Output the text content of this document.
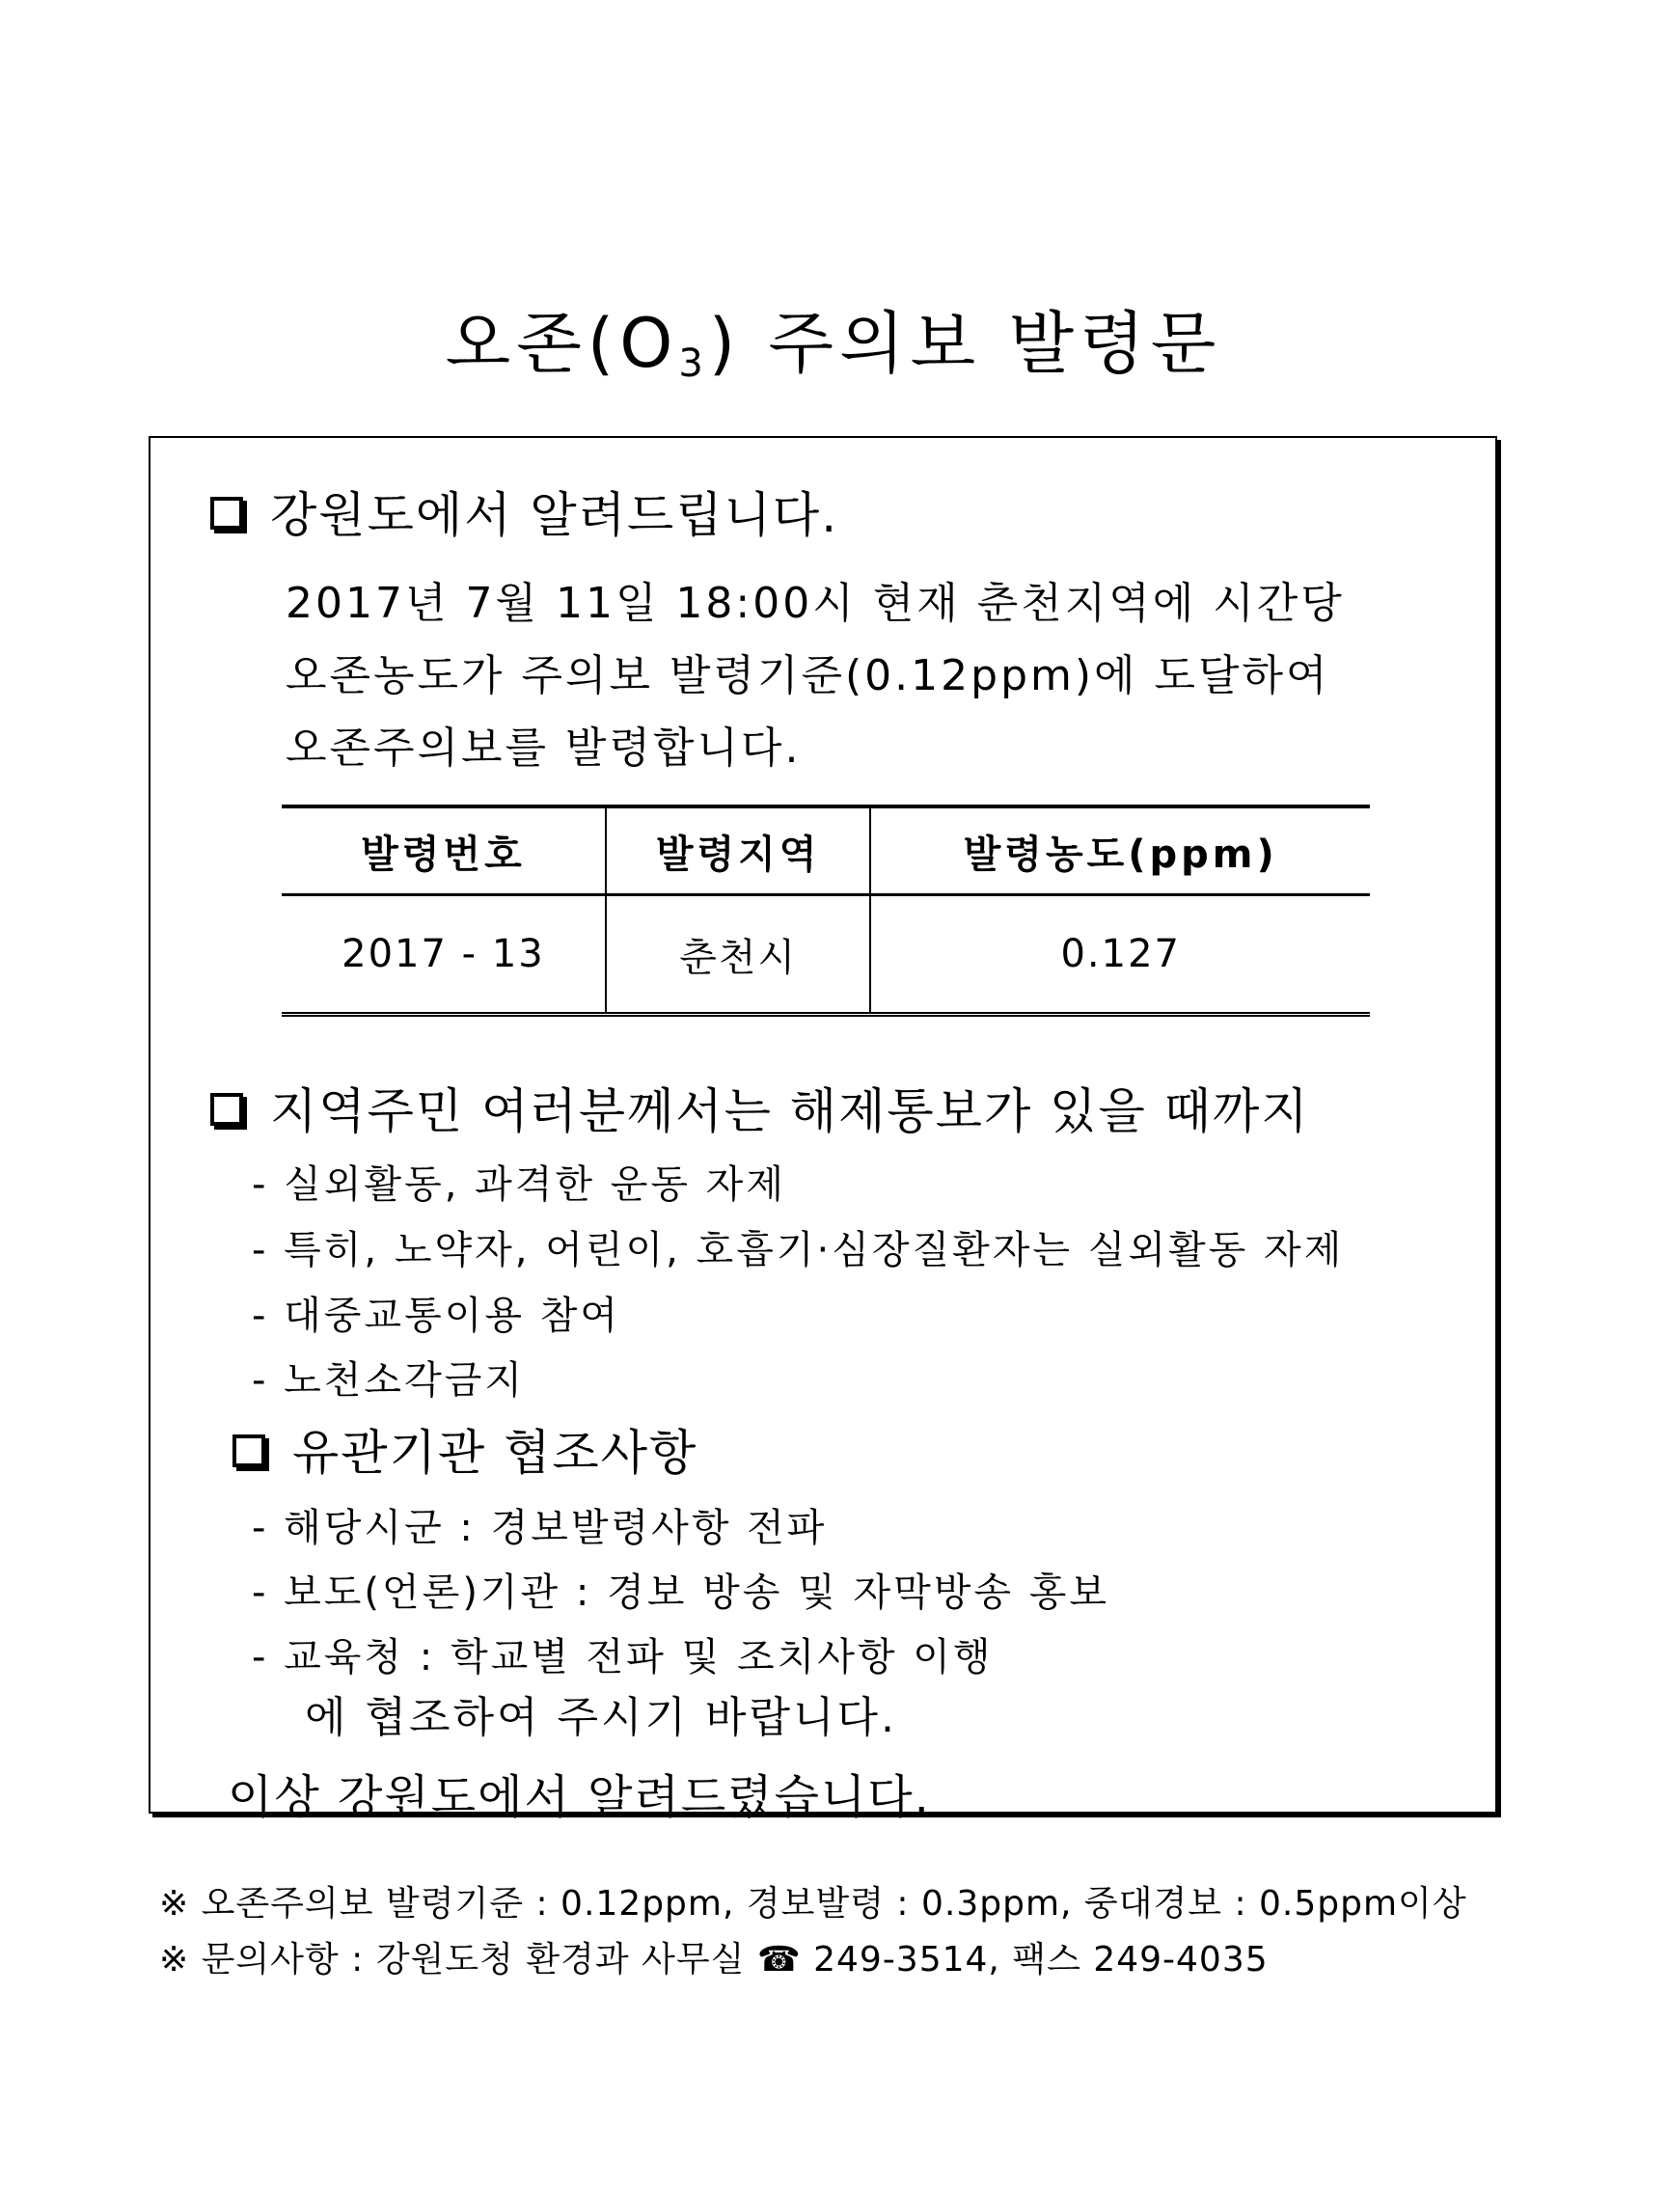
오존$(O_3)$ 주의보 발령문
강원도에서 알려드립니다.
2017년 7월 11일 18:00시 현재 춘천지역에 시간당
오존농도가 주의보 발령기준(0.12ppm)에 도달하여
오존주의보를 발령합니다.
발령번호	발령지역	발령농도(ppm)
2017 - 13	춘천시	0.127
지역주민 여러분께서는 해제통보가 있을 때까지
- 실외활동, 과격한 운동 자제
- 특히, 노약자, 어린이, 호흡기·심장질환자는 실외활동 자제
- 대중교통이용 참여
- 노천소각금지
유관기관 협조사항
- 해당시군 : 경보발령사항 전파
- 보도(언론)기관 : 경보 방송 및 자막방송 홍보
- 교육청 : 학교별 전파 및 조치사항 이행
에 협조하여 주시기 바랍니다.
이상 강원도에서 알려드렸습니다.
※ 오존주의보 발령기준 : 0.12ppm, 경보발령 : 0.3ppm, 중대경보 : 0.5ppm이상
※ 문의사항 : 강원도청 환경과 사무실 ☎ 249-3514, 팩스 249-4035
